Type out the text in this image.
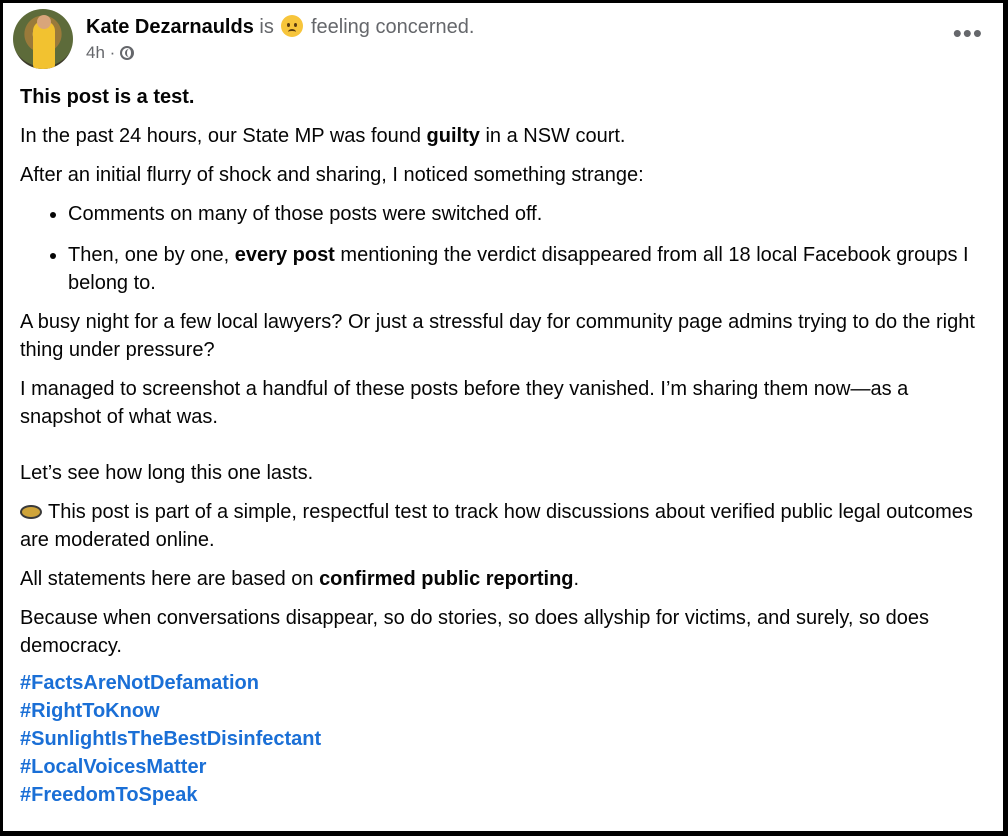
Kate Dezarnaulds is feeling concerned.
4h ·
•••

This post is a test.

In the past 24 hours, our State MP was found guilty in a NSW court.

After an initial flurry of shock and sharing, I noticed something strange:

• Comments on many of those posts were switched off.
• Then, one by one, every post mentioning the verdict disappeared from all 18 local Facebook groups I belong to.

A busy night for a few local lawyers? Or just a stressful day for community page admins trying to do the right thing under pressure?

I managed to screenshot a handful of these posts before they vanished. I’m sharing them now—as a snapshot of what was.

Let’s see how long this one lasts.

This post is part of a simple, respectful test to track how discussions about verified public legal outcomes are moderated online.

All statements here are based on confirmed public reporting.

Because when conversations disappear, so do stories, so does allyship for victims, and surely, so does democracy.

#FactsAreNotDefamation
#RightToKnow
#SunlightIsTheBestDisinfectant
#LocalVoicesMatter
#FreedomToSpeak
